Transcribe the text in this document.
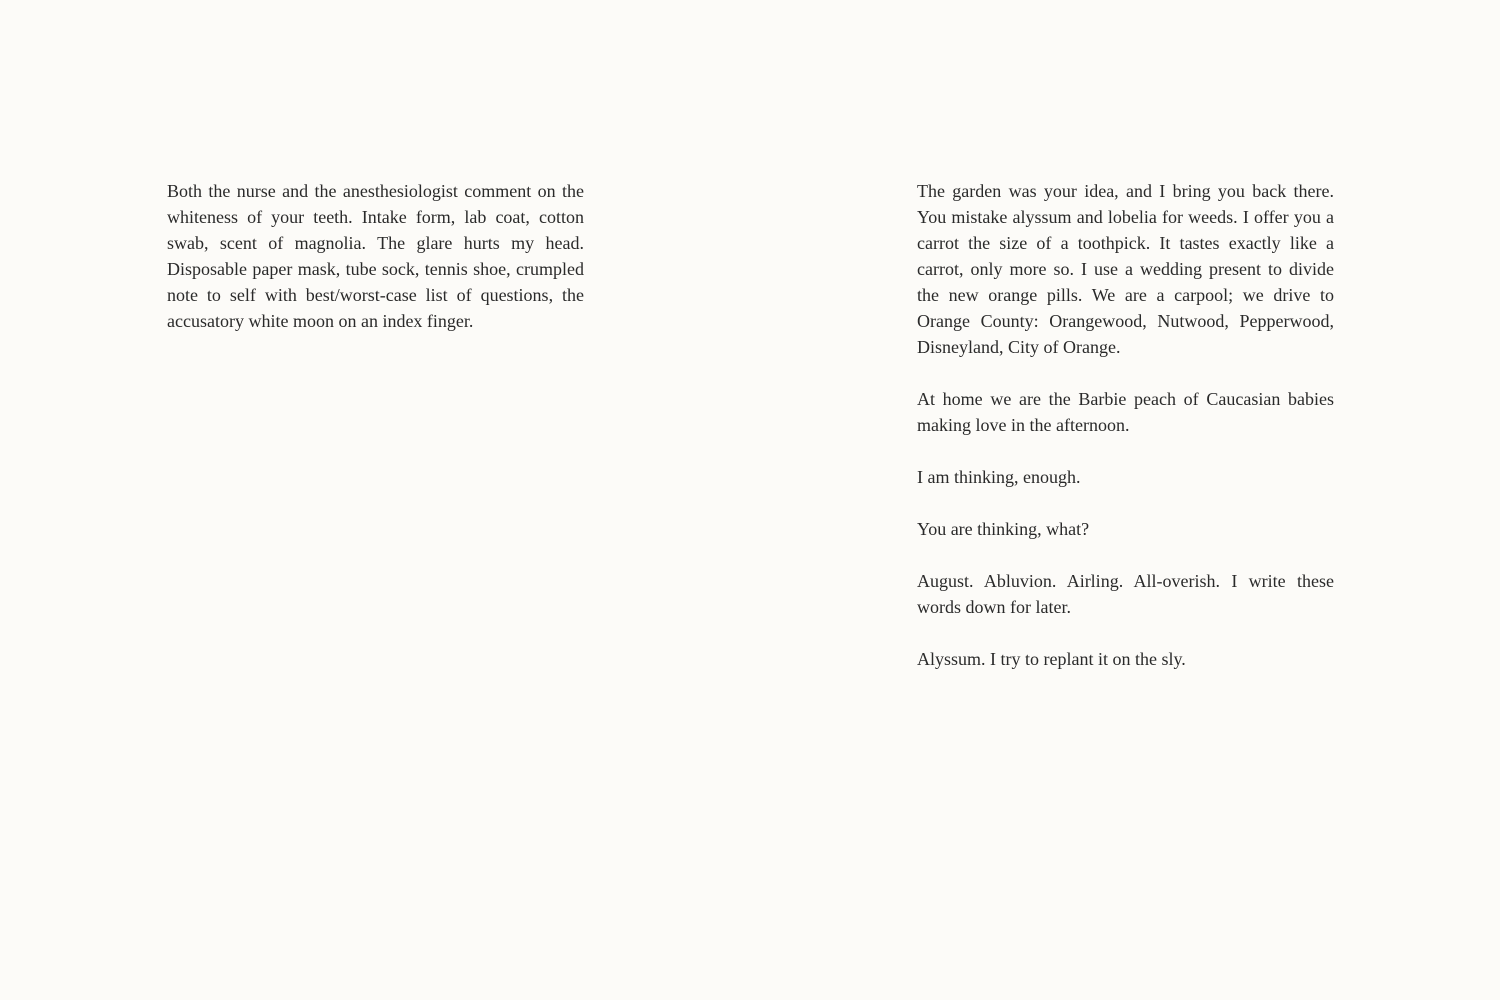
Both the nurse and the anesthesiologist comment on the whiteness of your teeth. Intake form, lab coat, cotton swab, scent of magnolia. The glare hurts my head. Disposable paper mask, tube sock, tennis shoe, crumpled note to self with best/worst-case list of questions, the accusatory white moon on an index finger.

The garden was your idea, and I bring you back there. You mistake alyssum and lobelia for weeds. I offer you a carrot the size of a toothpick. It tastes exactly like a carrot, only more so. I use a wedding present to divide the new orange pills. We are a carpool; we drive to Orange County: Orangewood, Nutwood, Pepperwood, Disneyland, City of Orange.

At home we are the Barbie peach of Caucasian babies making love in the afternoon.

I am thinking, enough.

You are thinking, what?

August. Abluvion. Airling. All-overish. I write these words down for later.

Alyssum. I try to replant it on the sly.
